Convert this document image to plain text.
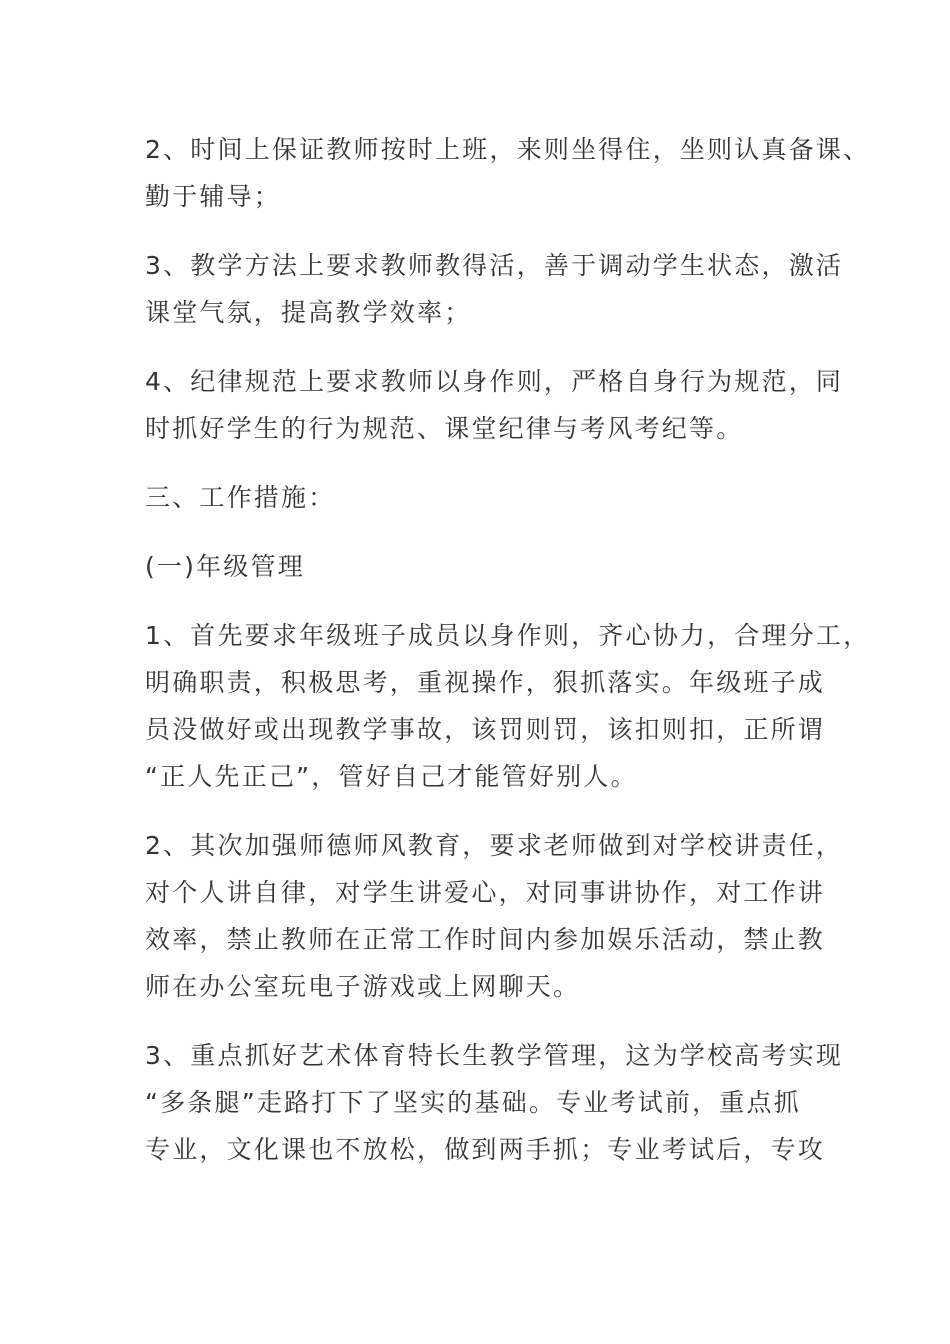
2、时间上保证教师按时上班，来则坐得住，坐则认真备课、
勤于辅导；

3、教学方法上要求教师教得活，善于调动学生状态，激活
课堂气氛，提高教学效率；

4、纪律规范上要求教师以身作则，严格自身行为规范，同
时抓好学生的行为规范、课堂纪律与考风考纪等。

三、工作措施：

(一)年级管理

1、首先要求年级班子成员以身作则，齐心协力，合理分工，
明确职责，积极思考，重视操作，狠抓落实。年级班子成
员没做好或出现教学事故，该罚则罚，该扣则扣，正所谓
“正人先正己”，管好自己才能管好别人。

2、其次加强师德师风教育，要求老师做到对学校讲责任，
对个人讲自律，对学生讲爱心，对同事讲协作，对工作讲
效率，禁止教师在正常工作时间内参加娱乐活动，禁止教
师在办公室玩电子游戏或上网聊天。

3、重点抓好艺术体育特长生教学管理，这为学校高考实现
“多条腿”走路打下了坚实的基础。专业考试前，重点抓
专业，文化课也不放松，做到两手抓；专业考试后，专攻
